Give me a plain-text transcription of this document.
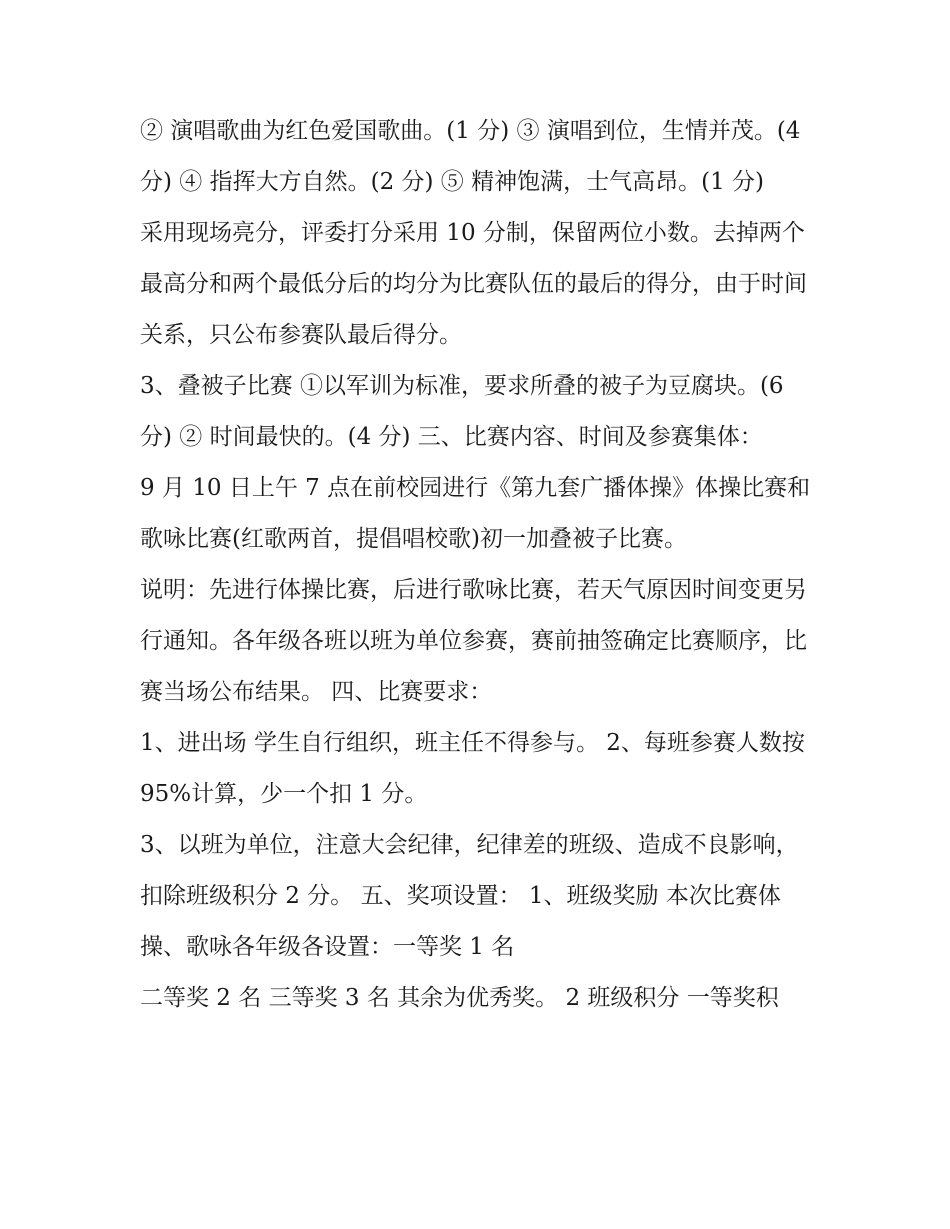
② 演唱歌曲为红色爱国歌曲。(1 分) ③ 演唱到位，生情并茂。(4 分) ④ 指挥大方自然。(2 分) ⑤ 精神饱满，士气高昂。(1 分)

采用现场亮分，评委打分采用 10 分制，保留两位小数。去掉两个最高分和两个最低分后的均分为比赛队伍的最后的得分，由于时间关系，只公布参赛队最后得分。

3、叠被子比赛 ①以军训为标准，要求所叠的被子为豆腐块。(6 分) ② 时间最快的。(4 分) 三、比赛内容、时间及参赛集体：

9 月 10 日上午 7 点在前校园进行《第九套广播体操》体操比赛和歌咏比赛(红歌两首，提倡唱校歌)初一加叠被子比赛。

说明：先进行体操比赛，后进行歌咏比赛，若天气原因时间变更另行通知。各年级各班以班为单位参赛，赛前抽签确定比赛顺序，比赛当场公布结果。 四、比赛要求：

1、进出场 学生自行组织，班主任不得参与。 2、每班参赛人数按 95%计算，少一个扣 1 分。

3、以班为单位，注意大会纪律，纪律差的班级、造成不良影响，扣除班级积分 2 分。 五、奖项设置： 1、班级奖励 本次比赛体操、歌咏各年级各设置：一等奖 1 名

二等奖 2 名 三等奖 3 名 其余为优秀奖。 2 班级积分 一等奖积
